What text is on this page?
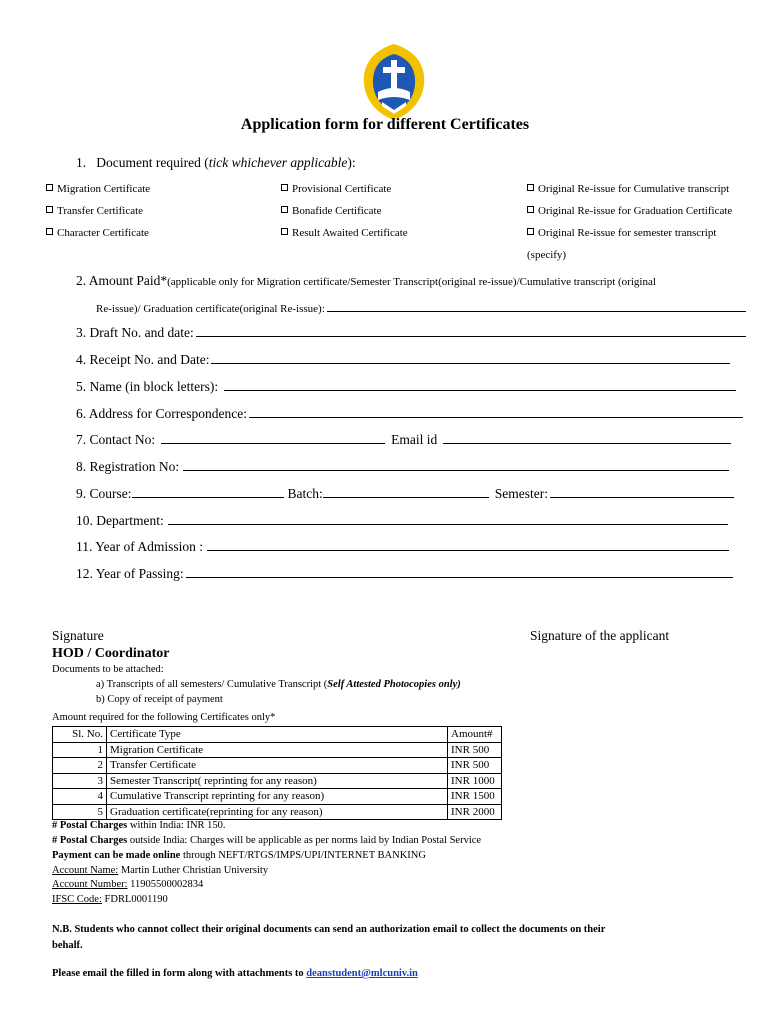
Application form for different Certificates
1. Document required (tick whichever applicable):
Migration Certificate	Provisional Certificate	Original Re-issue for Cumulative transcript
Transfer Certificate	Bonafide Certificate	Original Re-issue for Graduation Certificate
Character Certificate	Result Awaited Certificate	Original Re-issue for semester transcript
(specify)
2. Amount Paid*(applicable only for Migration certificate/Semester Transcript(original re-issue)/Cumulative transcript (original
Re-issue)/ Graduation certificate(original Re-issue):
3. Draft No. and date:
4. Receipt No. and Date:
5. Name (in block letters):
6. Address for Correspondence:
7. Contact No:	Email id
8. Registration No:
9. Course:	Batch:	Semester:
10. Department:
11. Year of Admission :
12. Year of Passing:
Signature
HOD / Coordinator
Signature of the applicant
Documents to be attached:
a) Transcripts of all semesters/ Cumulative Transcript (Self Attested Photocopies only)
b) Copy of receipt of payment
Amount required for the following Certificates only*
Sl. No.	Certificate Type	Amount#
1	Migration Certificate	INR 500
2	Transfer Certificate	INR 500
3	Semester Transcript( reprinting for any reason)	INR 1000
4	Cumulative Transcript reprinting for any reason)	INR 1500
5	Graduation certificate(reprinting for any reason)	INR 2000
# Postal Charges within India: INR 150.
# Postal Charges outside India: Charges will be applicable as per norms laid by Indian Postal Service
Payment can be made online through NEFT/RTGS/IMPS/UPI/INTERNET BANKING
Account Name: Martin Luther Christian University
Account Number: 11905500002834
IFSC Code: FDRL0001190
N.B. Students who cannot collect their original documents can send an authorization email to collect the documents on their
behalf.
Please email the filled in form along with attachments to deanstudent@mlcuniv.in
